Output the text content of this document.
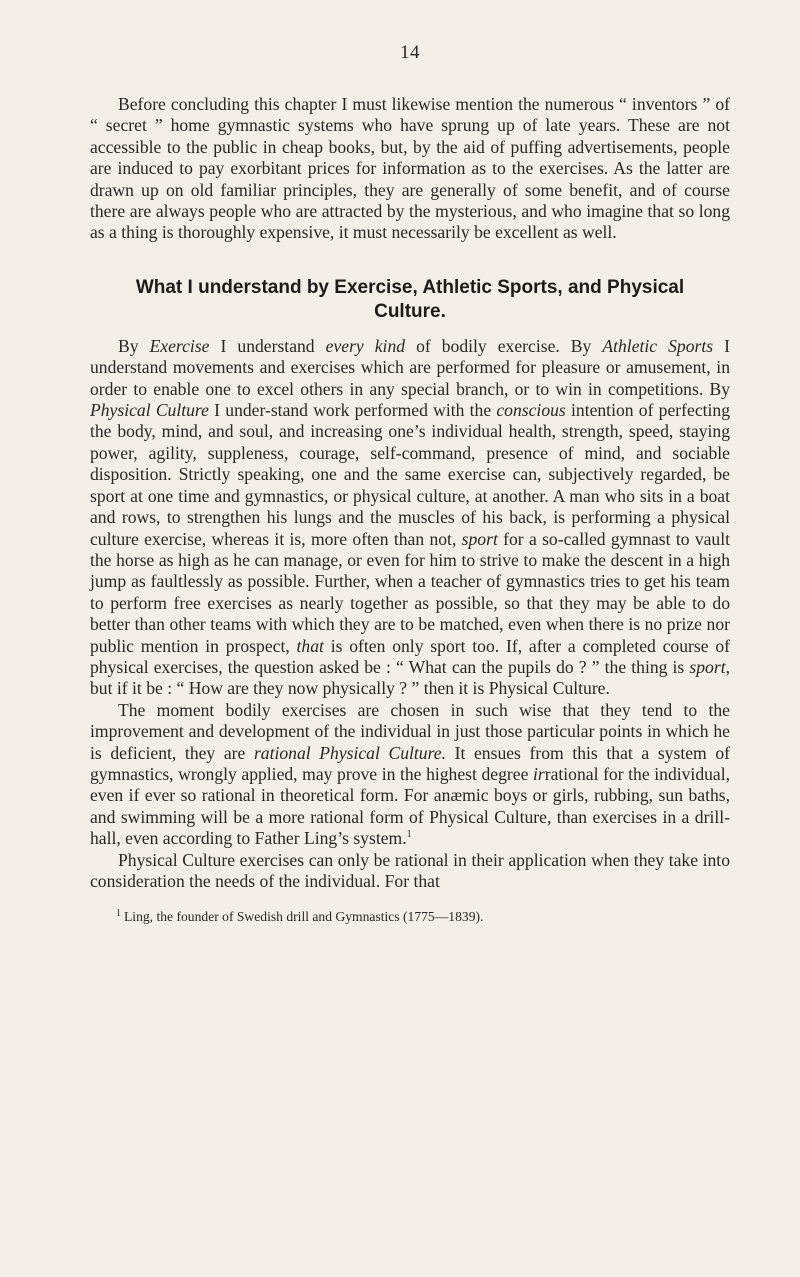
14

Before concluding this chapter I must likewise mention the numerous “ inventors ” of “ secret ” home gymnastic systems who have sprung up of late years. These are not accessible to the public in cheap books, but, by the aid of puffing advertisements, people are induced to pay exorbitant prices for information as to the exercises. As the latter are drawn up on old familiar principles, they are generally of some benefit, and of course there are always people who are attracted by the mysterious, and who imagine that so long as a thing is thoroughly expensive, it must necessarily be excellent as well.

What I understand by Exercise, Athletic Sports, and Physical
Culture.

By Exercise I understand every kind of bodily exercise. By Athletic Sports I understand movements and exercises which are performed for pleasure or amusement, in order to enable one to excel others in any special branch, or to win in competitions. By Physical Culture I under-stand work performed with the conscious intention of perfecting the body, mind, and soul, and increasing one’s individual health, strength, speed, staying power, agility, suppleness, courage, self-command, presence of mind, and sociable disposition. Strictly speaking, one and the same exercise can, subjectively regarded, be sport at one time and gymnastics, or physical culture, at another. A man who sits in a boat and rows, to strengthen his lungs and the muscles of his back, is performing a physical culture exercise, whereas it is, more often than not, sport for a so-called gymnast to vault the horse as high as he can manage, or even for him to strive to make the descent in a high jump as faultlessly as possible. Further, when a teacher of gymnastics tries to get his team to perform free exercises as nearly together as possible, so that they may be able to do better than other teams with which they are to be matched, even when there is no prize nor public mention in prospect, that is often only sport too. If, after a completed course of physical exercises, the question asked be : “ What can the pupils do ? ” the thing is sport, but if it be : “ How are they now physically ? ” then it is Physical Culture.

The moment bodily exercises are chosen in such wise that they tend to the improvement and development of the individual in just those particular points in which he is deficient, they are rational Physical Culture. It ensues from this that a system of gymnastics, wrongly applied, may prove in the highest degree irrational for the individual, even if ever so rational in theoretical form. For anæmic boys or girls, rubbing, sun baths, and swimming will be a more rational form of Physical Culture, than exercises in a drill-hall, even according to Father Ling’s system.$^1$

Physical Culture exercises can only be rational in their application when they take into consideration the needs of the individual. For that

$^1$ Ling, the founder of Swedish drill and Gymnastics (1775—1839).
